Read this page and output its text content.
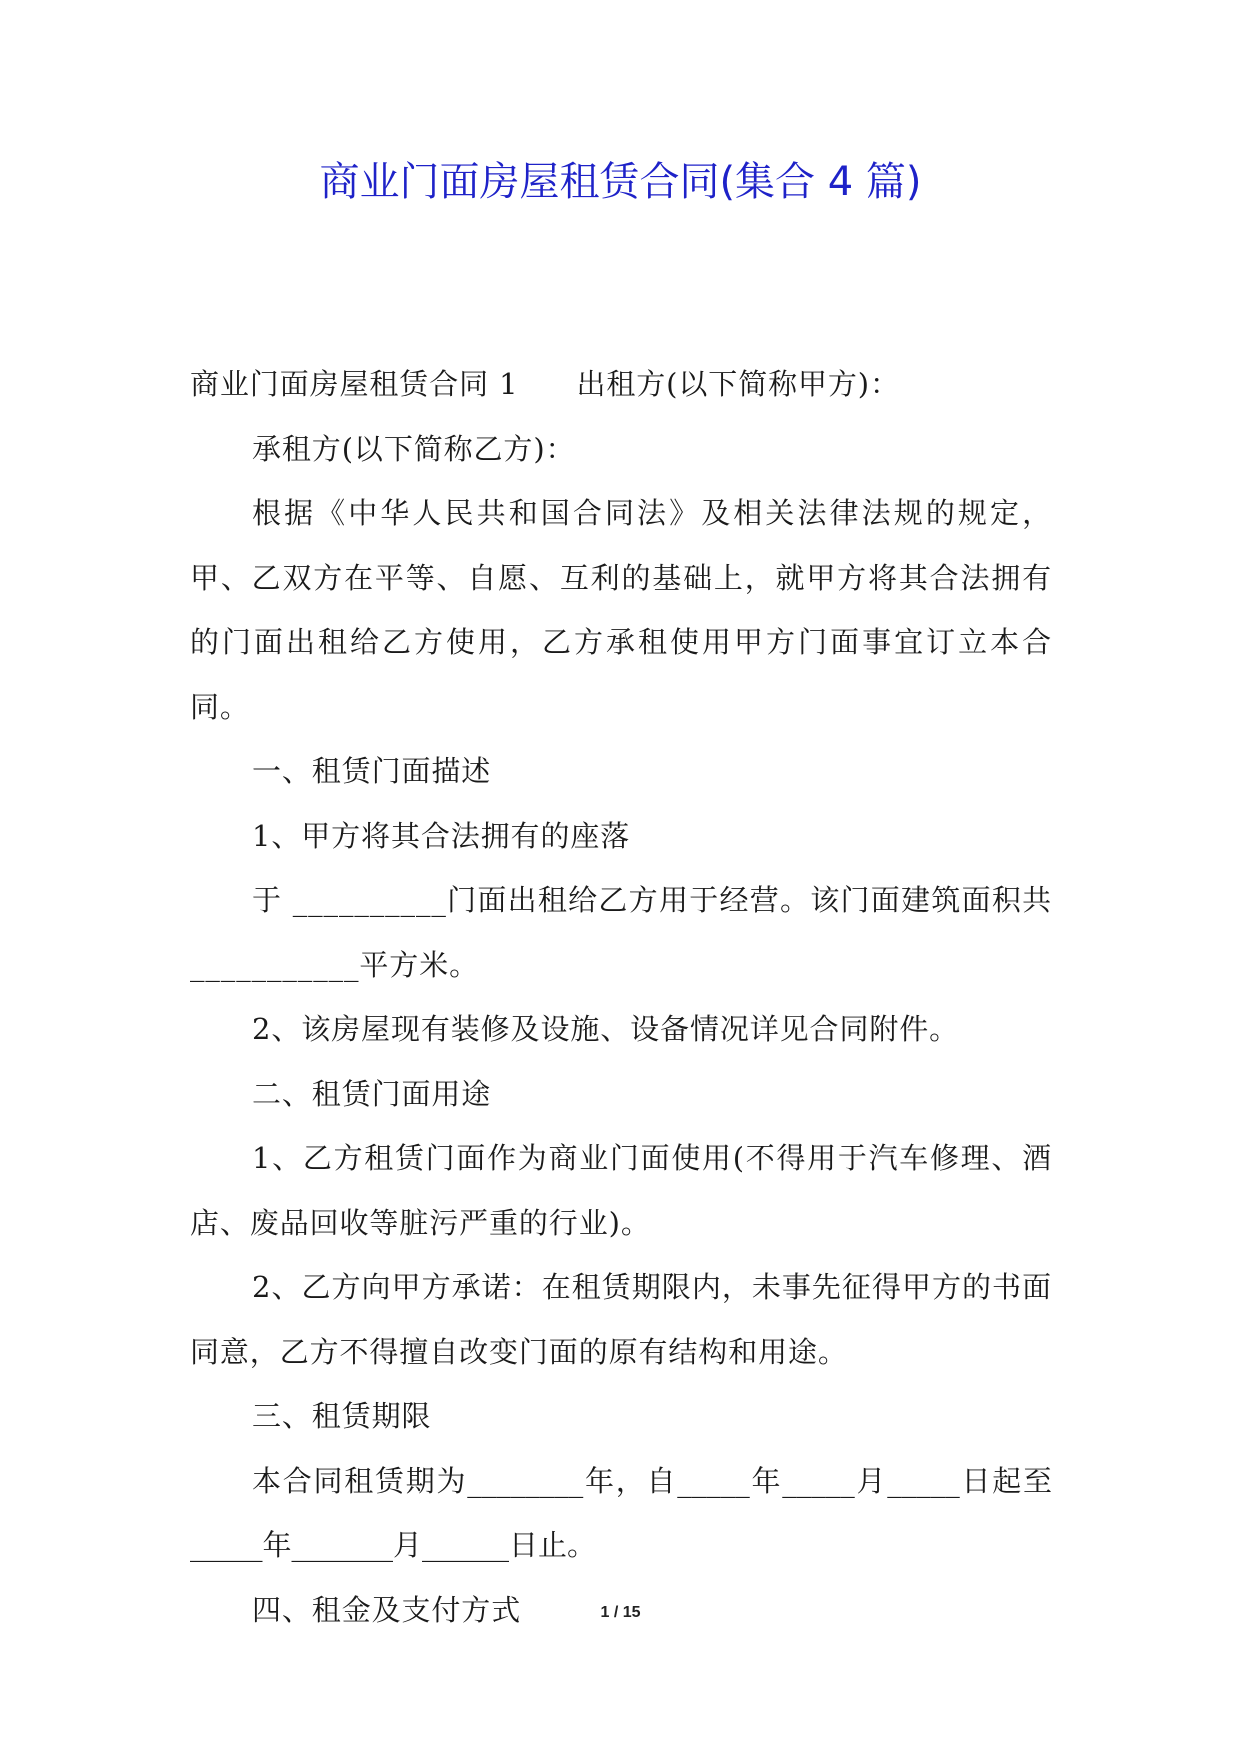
商业门面房屋租赁合同(集合 4 篇)

商业门面房屋租赁合同 1 出租方(以下简称甲方)：

承租方(以下简称乙方)：

根据《中华人民共和国合同法》及相关法律法规的规定，甲、乙双方在平等、自愿、互利的基础上，就甲方将其合法拥有的门面出租给乙方使用，乙方承租使用甲方门面事宜订立本合同。

一、租赁门面描述

1、甲方将其合法拥有的座落

于 __________门面出租给乙方用于经营。该门面建筑面积共___________平方米。

2、该房屋现有装修及设施、设备情况详见合同附件。

二、租赁门面用途

1、乙方租赁门面作为商业门面使用(不得用于汽车修理、酒店、废品回收等脏污严重的行业)。

2、乙方向甲方承诺：在租赁期限内，未事先征得甲方的书面同意，乙方不得擅自改变门面的原有结构和用途。

三、租赁期限

本合同租赁期为________年，自_____年_____月_____日起至_____年_______月______日止。

四、租金及支付方式	1 / 15
